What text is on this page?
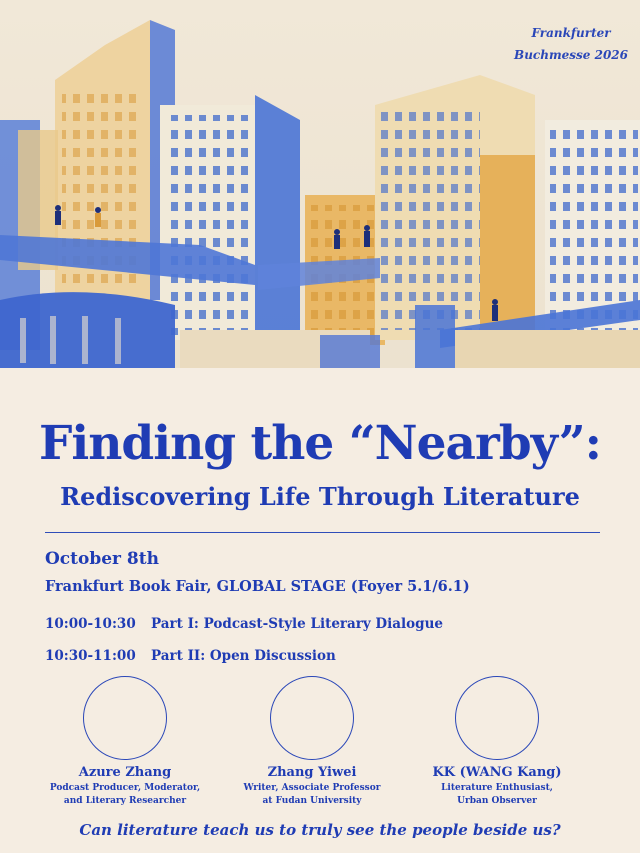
Frankfurter
Buchmesse 2026
Finding the “Nearby”:
Rediscovering Life Through Literature
October 8th
Frankfurt Book Fair, GLOBAL STAGE (Foyer 5.1/6.1)
10:00-10:30 Part I: Podcast-Style Literary Dialogue
10:30-11:00 Part II: Open Discussion
Azure Zhang
Podcast Producer, Moderator,
and Literary Researcher
Zhang Yiwei
Writer, Associate Professor
at Fudan University
KK (WANG Kang)
Literature Enthusiast,
Urban Observer
Can literature teach us to truly see the people beside us?
